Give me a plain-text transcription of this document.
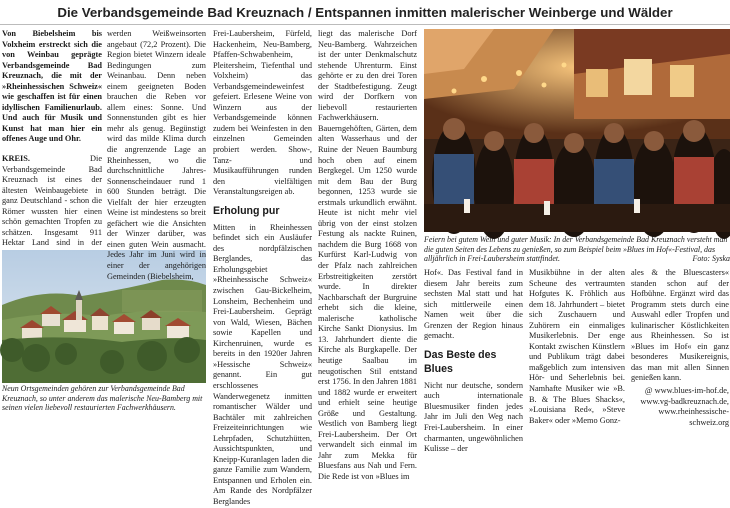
Die Verbandsgemeinde Bad Kreuznach / Entspannen inmitten malerischer Weinberge und Wälder

Von Biebelsheim bis Volxheim erstreckt sich die von Weinbau geprägte Verbandsgemeinde Bad Kreuznach, die mit der »Rheinhessischen Schweiz« wie geschaffen ist für einen idyllischen Familienurlaub. Und auch für Musik und Kunst hat man hier ein offenes Auge und Ohr.

KREIS.	Die Verbandsgemeinde Bad Kreuznach ist eines der ältesten Weinbaugebiete in ganz Deutschland - schon die Römer wussten hier einen schön gemachten Tropfen zu schätzen. Insgesamt 911 Hektar Land sind in der

Neun Ortsgemeinden gehören zur Verbandsgemeinde Bad Kreuznach, so unter anderem das malerische Neu-Bamberg mit seinen vielen liebevoll restaurierten Fachwerkhäusern.

werden Weißweinsorten angebaut (72,2 Prozent). Die Region bietet Winzern ideale Bedingungen zum Weinanbau. Denn neben einem geeigneten Boden brauchen die Reben vor allem eines: Sonne. Und Sonnenstunden gibt es hier mehr als genug. Begünstigt wird das milde Klima durch die angrenzende Lage an Rheinhessen, wo die durchschnittliche Jahres-Sonnenscheindauer rund 1 600 Stunden beträgt. Die Vielfalt der hier erzeugten Weine ist mindestens so breit gefächert wie die Ansichten der Winzer darüber, was einen guten Wein ausmacht. Jedes Jahr im Juni wird in einer der angehörigen Gemeinden (Biebelsheim,

Frei-Laubersheim, Fürfeld, Hackenheim, Neu-Bamberg, Pfaffen-Schwabenheim, Pleitersheim, Tiefenthal und Volxheim) das Verbandsgemeindeweinfest gefeiert. Erlesene Weine von Winzern aus der Verbandsgemeinde können zudem bei Weinfesten in den einzelnen Gemeinden probiert werden. Show-, Tanz- und Musikaufführungen runden den vielfältigen Veranstaltungsreigen ab.

Erholung pur

Mitten in Rheinhessen befindet sich ein Ausläufer des nordpfälzischen Berglandes, das Erholungsgebiet »Rheinhessische Schweiz« zwischen Gau-Bickelheim, Lonsheim, Bechenheim und Frei-Laubersheim. Geprägt von Wald, Wiesen, Bächen sowie Kapellen und Kirchenruinen, wurde es bereits in den 1920er Jahren »Hessische Schweiz« genannt. Ein gut erschlossenes Wanderwegenetz inmitten romantischer Wälder und Bachtäler mit zahlreichen Freizeiteinrichtungen wie Lehrpfaden, Schutzhütten, Aussichtspunkten, und Kneipp-Kuranlagen laden die ganze Familie zum Wandern, Entspannen und Erholen ein. Am Rande des Nordpfälzer Berglandes

liegt das malerische Dorf Neu-Bamberg. Wahrzeichen ist der unter Denkmalschutz stehende Uhrenturm. Einst gehörte er zu den drei Toren der Stadtbefestigung. Zeugt wird der Dorfkern von liebevoll restaurierten Fachwerkhäusern. Bauerngehöften, Gärten, dem alten Wasserhaus und der Ruine der Neuen Baumburg hoch oben auf einem Bergkegel. Um 1250 wurde mit dem Bau der Burg begonnen, 1253 wurde sie erstmals urkundlich erwähnt. Heute ist nicht mehr viel übrig von der einst stolzen Festung als nackte Ruinen, nachdem die Burg 1668 von Kurfürst Karl-Ludwig von der Pfalz nach zahlreichen Erbstreitigkeiten zerstört wurde. In direkter Nachbarschaft der Burgruine erhebt sich die kleine, malerische katholische Kirche Sankt Dionysius. Im 13. Jahrhundert diente die Kirche als Burgkapelle. Der heutige Saalbau im neugotischen Stil entstand erst 1756. In den Jahren 1881 und 1882 wurde er erweitert und erhielt seine heutige Größe und Gestaltung. Westlich von Bamberg liegt Frei-Laubersheim. Der Ort verwandelt sich einmal im Jahr zum Mekka für Bluesfans aus Nah und Fern. Die Rede ist von »Blues im

Feiern bei gutem Wein und guter Musik: In der Verbandsgemeinde Bad Kreuznach versteht man die guten Seiten des Lebens zu genießen, so zum Beispiel beim »Blues im Hof«-Festival, das alljährlich in Frei-Laubersheim stattfindet.	Foto: Syska

Hof«. Das Festival fand in diesem Jahr bereits zum sechsten Mal statt und hat sich mittlerweile einen Namen weit über die Grenzen der Region hinaus gemacht.

Das Beste des Blues

Nicht nur deutsche, sondern auch internationale Bluesmusiker finden jedes Jahr im Juli den Weg nach Frei-Laubersheim. In einer charmanten, ungewöhnlichen Kulisse – der

Musikbühne in der alten Scheune des vertraumten Hofgutes K. Fröhlich aus dem 18. Jahrhundert – bietet sich Zuschauern und Zuhörern ein einmaliges Musikerlebnis. Der enge Kontakt zwischen Künstlern und Publikum trägt dabei maßgeblich zum intensiven Hör- und Seherlebnis bei. Namhafte Musiker wie »B. B. & The Blues Shacks«, »Louisiana Red«, »Steve Baker« oder »Memo Gonz-

ales & the Bluescasters« standen schon auf der Hofbühne. Ergänzt wird das Programm stets durch eine Auswahl edler Tropfen und kulinarischer Köstlichkeiten aus Rheinhessen. So ist »Blues im Hof« ein ganz besonderes Musikereignis, das man mit allen Sinnen genießen kann.

@ www.blues-im-hof.de, www.vg-badkreuznach.de, www.rheinhessische-schweiz.org
